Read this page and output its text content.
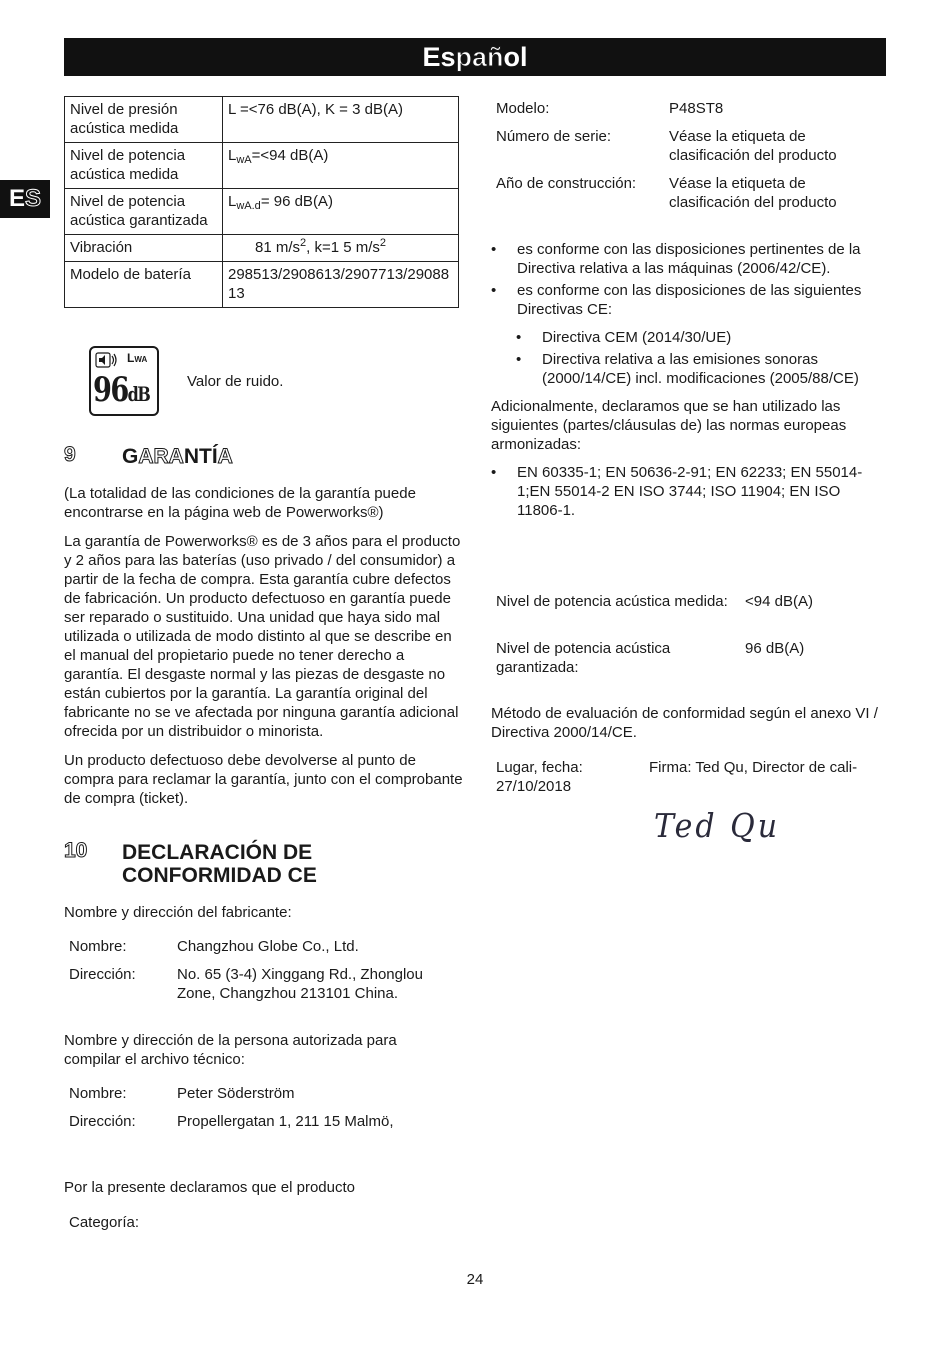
Español
ES
Nivel de presión acústica medida	L =<76 dB(A), K = 3 dB(A)
Nivel de potencia acústica medida	$L_{wA}=<94$ dB(A)
Nivel de potencia acústica garantizada	$L_{wA.d}= 96$ dB(A)
Vibración	81 $m/s^2$, k=1 5 $m/s^2$
Modelo de batería	298513/2908613/2907713/2908813
LWA
96dB
Valor de ruido.
9 GARANTÍA

(La totalidad de las condiciones de la garantía puede encontrarse en la página web de Powerworks®)

La garantía de Powerworks® es de 3 años para el producto y 2 años para las baterías (uso privado / del consumidor) a partir de la fecha de compra. Esta garantía cubre defectos de fabricación. Un producto defectuoso en garantía puede ser reparado o sustituido. Una unidad que haya sido mal utilizada o utilizada de modo distinto al que se describe en el manual del propietario puede no tener derecho a garantía. El desgaste normal y las piezas de desgaste no están cubiertos por la garantía. La garantía original del fabricante no se ve afectada por ninguna garantía adicional ofrecida por un distribuidor o minorista.

Un producto defectuoso debe devolverse al punto de compra para reclamar la garantía, junto con el comprobante de compra (ticket).

10 DECLARACIÓN DE
CONFORMIDAD CE
Nombre y dirección del fabricante:
Nombre:	Changzhou Globe Co., Ltd.
Dirección:	No. 65 (3-4) Xinggang Rd., Zhonglou Zone, Changzhou 213101 China.
Nombre y dirección de la persona autorizada para compilar el archivo técnico:
Nombre:	Peter Söderström
Dirección:	Propellergatan 1, 211 15 Malmö,
Por la presente declaramos que el producto
Categoría:
Modelo:	P48ST8
Número de serie:	Véase la etiqueta de clasificación del producto
Año de construcción: Véase la etiqueta de clasificación del producto
• es conforme con las disposiciones pertinentes de la Directiva relativa a las máquinas (2006/42/CE).
• es conforme con las disposiciones de las siguientes Directivas CE:
• Directiva CEM (2014/30/UE)
• Directiva relativa a las emisiones sonoras (2000/14/CE) incl. modificaciones (2005/88/CE)

Adicionalmente, declaramos que se han utilizado las siguientes (partes/cláusulas de) las normas europeas armonizadas:

• EN 60335-1; EN 50636-2-91; EN 62233; EN 55014-1;EN 55014-2 EN ISO 3744; ISO 11904; EN ISO 11806-1.
Nivel de potencia acústica medida: <94 dB(A)
Nivel de potencia acústica garantizada:
96 dB(A)
Método de evaluación de conformidad según el anexo VI / Directiva 2000/14/CE.
Lugar, fecha:
27/10/2018
Firma: Ted Qu, Director de cali-
Ted Qu
24
